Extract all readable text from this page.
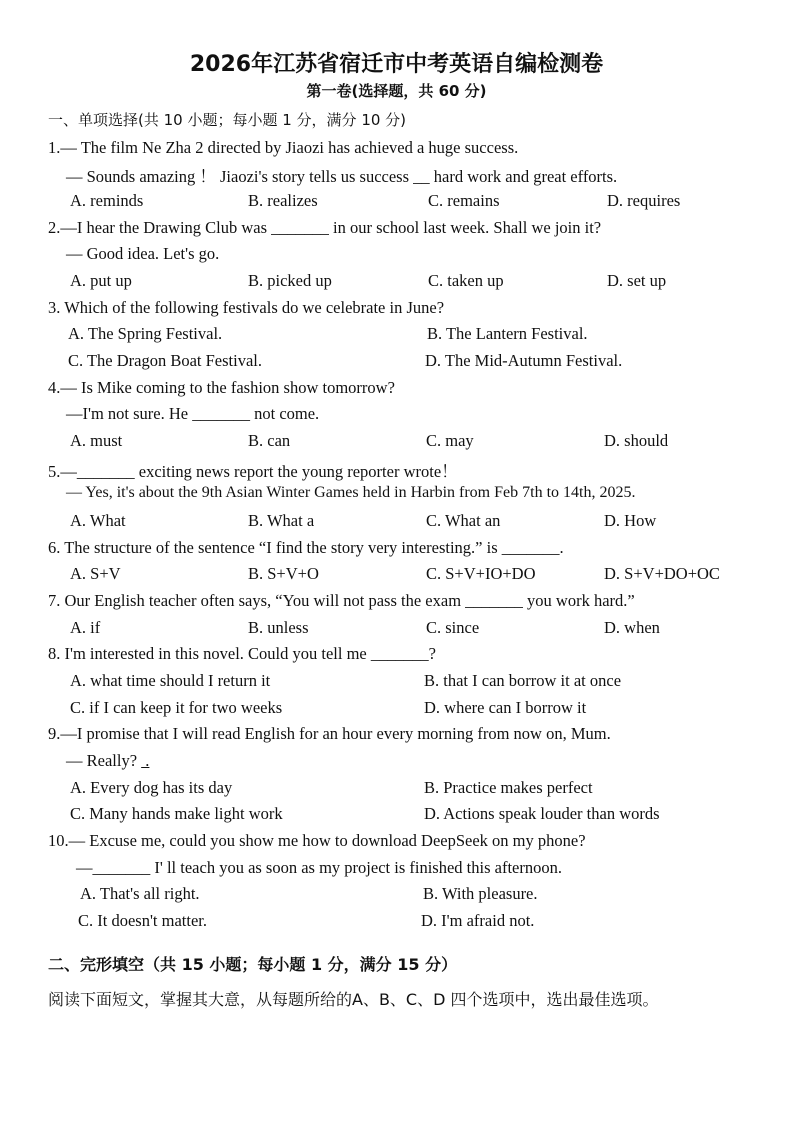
2026年江苏省宿迁市中考英语自编检测卷
第一卷(选择题，共 60 分)
一、单项选择(共 10 小题；每小题 1 分，满分 10 分)
1.— The film Ne Zha 2 directed by Jiaozi has achieved a huge success.
— Sounds amazing ！ Jiaozi's story tells us success __ hard work and great efforts.
A. reminds	B. realizes	C. remains	D. requires
2.—I hear the Drawing Club was _______ in our school last week. Shall we join it?
— Good idea. Let's go.
A. put up	B. picked up	C. taken up	D. set up
3. Which of the following festivals do we celebrate in June?
A. The Spring Festival.	B. The Lantern Festival.
C. The Dragon Boat Festival.	D. The Mid-Autumn Festival.
4.— Is Mike coming to the fashion show tomorrow?
—I'm not sure. He _______ not come.
A. must	B. can	C. may	D. should
5.—_______ exciting news report the young reporter wrote！
— Yes, it's about the 9th Asian Winter Games held in Harbin from Feb 7th to 14th, 2025.
A. What	B. What a	C. What an	D. How
6. The structure of the sentence “I find the story very interesting.” is _______.
A. S+V	B. S+V+O	C. S+V+IO+DO	D. S+V+DO+OC
7. Our English teacher often says, “You will not pass the exam _______ you work hard.”
A. if	B. unless	C. since	D. when
8. I'm interested in this novel. Could you tell me _______?
A. what time should I return it	B. that I can borrow it at once
C. if I can keep it for two weeks	D. where can I borrow it
9.—I promise that I will read English for an hour every morning from now on, Mum.
— Really?  .
A. Every dog has its day	B. Practice makes perfect
C. Many hands make light work	D. Actions speak louder than words
10.— Excuse me, could you show me how to download DeepSeek on my phone?
—_______ I' ll teach you as soon as my project is finished this afternoon.
A. That's all right.	B. With pleasure.
C. It doesn't matter.	D. I'm afraid not.
二、完形填空（共 15 小题；每小题 1 分，满分 15 分）
阅读下面短文，掌握其大意，从每题所给的A、B、C、D 四个选项中，选出最佳选项。
